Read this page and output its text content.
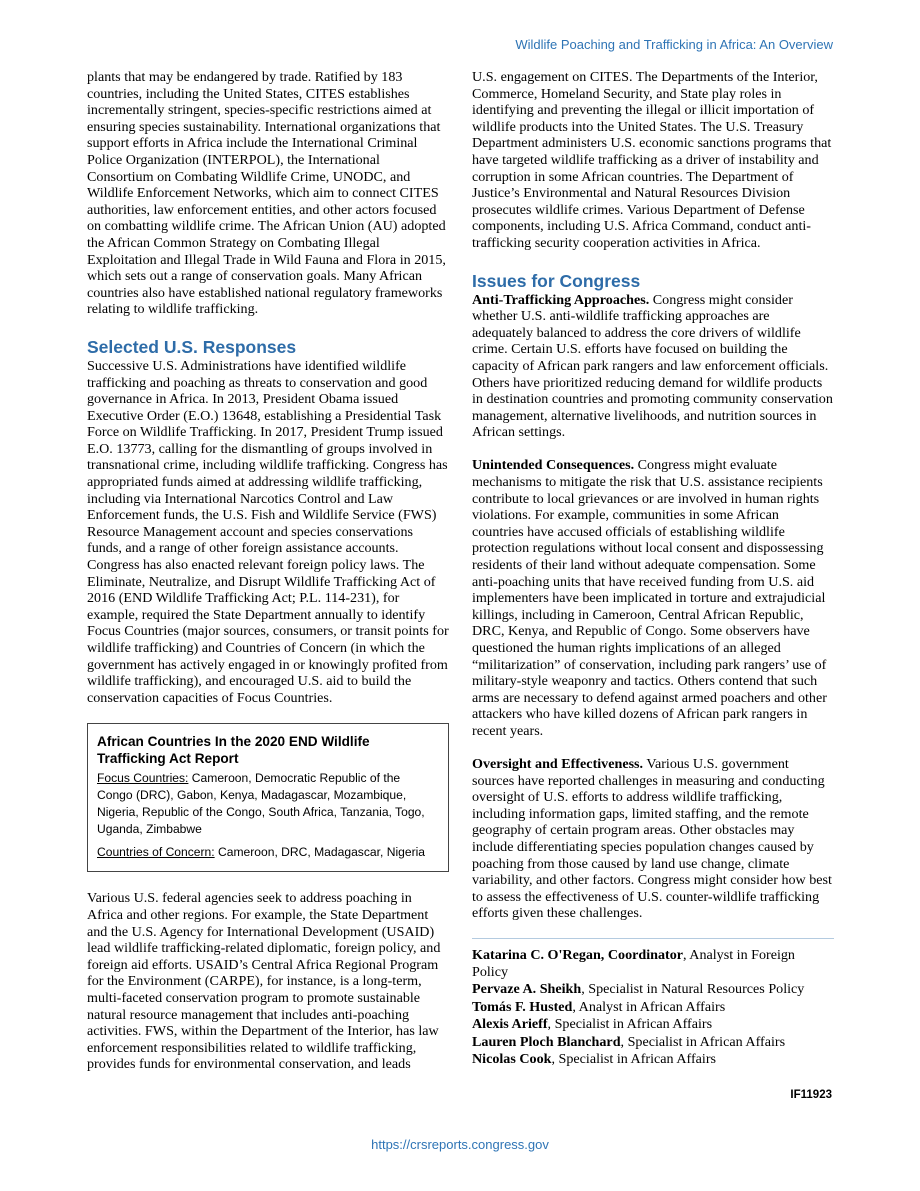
Wildlife Poaching and Trafficking in Africa: An Overview

plants that may be endangered by trade. Ratified by 183 countries, including the United States, CITES establishes incrementally stringent, species-specific restrictions aimed at ensuring species sustainability. International organizations that support efforts in Africa include the International Criminal Police Organization (INTERPOL), the International Consortium on Combating Wildlife Crime, UNODC, and Wildlife Enforcement Networks, which aim to connect CITES authorities, law enforcement entities, and other actors focused on combatting wildlife crime. The African Union (AU) adopted the African Common Strategy on Combating Illegal Exploitation and Illegal Trade in Wild Fauna and Flora in 2015, which sets out a range of conservation goals. Many African countries also have established national regulatory frameworks relating to wildlife trafficking.

Selected U.S. Responses

Successive U.S. Administrations have identified wildlife trafficking and poaching as threats to conservation and good governance in Africa. In 2013, President Obama issued Executive Order (E.O.) 13648, establishing a Presidential Task Force on Wildlife Trafficking. In 2017, President Trump issued E.O. 13773, calling for the dismantling of groups involved in transnational crime, including wildlife trafficking. Congress has appropriated funds aimed at addressing wildlife trafficking, including via International Narcotics Control and Law Enforcement funds, the U.S. Fish and Wildlife Service (FWS) Resource Management account and species conservations funds, and a range of other foreign assistance accounts. Congress has also enacted relevant foreign policy laws. The Eliminate, Neutralize, and Disrupt Wildlife Trafficking Act of 2016 (END Wildlife Trafficking Act; P.L. 114-231), for example, required the State Department annually to identify Focus Countries (major sources, consumers, or transit points for wildlife trafficking) and Countries of Concern (in which the government has actively engaged in or knowingly profited from wildlife trafficking), and encouraged U.S. aid to build the conservation capacities of Focus Countries.

African Countries In the 2020 END Wildlife Trafficking Act Report

Focus Countries: Cameroon, Democratic Republic of the Congo (DRC), Gabon, Kenya, Madagascar, Mozambique, Nigeria, Republic of the Congo, South Africa, Tanzania, Togo, Uganda, Zimbabwe

Countries of Concern: Cameroon, DRC, Madagascar, Nigeria

Various U.S. federal agencies seek to address poaching in Africa and other regions. For example, the State Department and the U.S. Agency for International Development (USAID) lead wildlife trafficking-related diplomatic, foreign policy, and foreign aid efforts. USAID’s Central Africa Regional Program for the Environment (CARPE), for instance, is a long-term, multi-faceted conservation program to promote sustainable natural resource management that includes anti-poaching activities. FWS, within the Department of the Interior, has law enforcement responsibilities related to wildlife trafficking, provides funds for environmental conservation, and leads

U.S. engagement on CITES. The Departments of the Interior, Commerce, Homeland Security, and State play roles in identifying and preventing the illegal or illicit importation of wildlife products into the United States. The U.S. Treasury Department administers U.S. economic sanctions programs that have targeted wildlife trafficking as a driver of instability and corruption in some African countries. The Department of Justice’s Environmental and Natural Resources Division prosecutes wildlife crimes. Various Department of Defense components, including U.S. Africa Command, conduct anti-trafficking security cooperation activities in Africa.

Issues for Congress

Anti-Trafficking Approaches. Congress might consider whether U.S. anti-wildlife trafficking approaches are adequately balanced to address the core drivers of wildlife crime. Certain U.S. efforts have focused on building the capacity of African park rangers and law enforcement officials. Others have prioritized reducing demand for wildlife products in destination countries and promoting community conservation management, alternative livelihoods, and nutrition sources in African settings.

Unintended Consequences. Congress might evaluate mechanisms to mitigate the risk that U.S. assistance recipients contribute to local grievances or are involved in human rights violations. For example, communities in some African countries have accused officials of establishing wildlife protection regulations without local consent and dispossessing residents of their land without adequate compensation. Some anti-poaching units that have received funding from U.S. aid implementers have been implicated in torture and extrajudicial killings, including in Cameroon, Central African Republic, DRC, Kenya, and Republic of Congo. Some observers have questioned the human rights implications of an alleged “militarization” of conservation, including park rangers’ use of military-style weaponry and tactics. Others contend that such arms are necessary to defend against armed poachers and other attackers who have killed dozens of African park rangers in recent years.

Oversight and Effectiveness. Various U.S. government sources have reported challenges in measuring and conducting oversight of U.S. efforts to address wildlife trafficking, including information gaps, limited staffing, and the remote geography of certain program areas. Other obstacles may include differentiating species population changes caused by poaching from those caused by land use change, climate variability, and other factors. Congress might consider how best to assess the effectiveness of U.S. counter-wildlife trafficking efforts given these challenges.

Katarina C. O'Regan, Coordinator, Analyst in Foreign Policy
Pervaze A. Sheikh, Specialist in Natural Resources Policy
Tomás F. Husted, Analyst in African Affairs
Alexis Arieff, Specialist in African Affairs
Lauren Ploch Blanchard, Specialist in African Affairs
Nicolas Cook, Specialist in African Affairs
IF11923
https://crsreports.congress.gov
